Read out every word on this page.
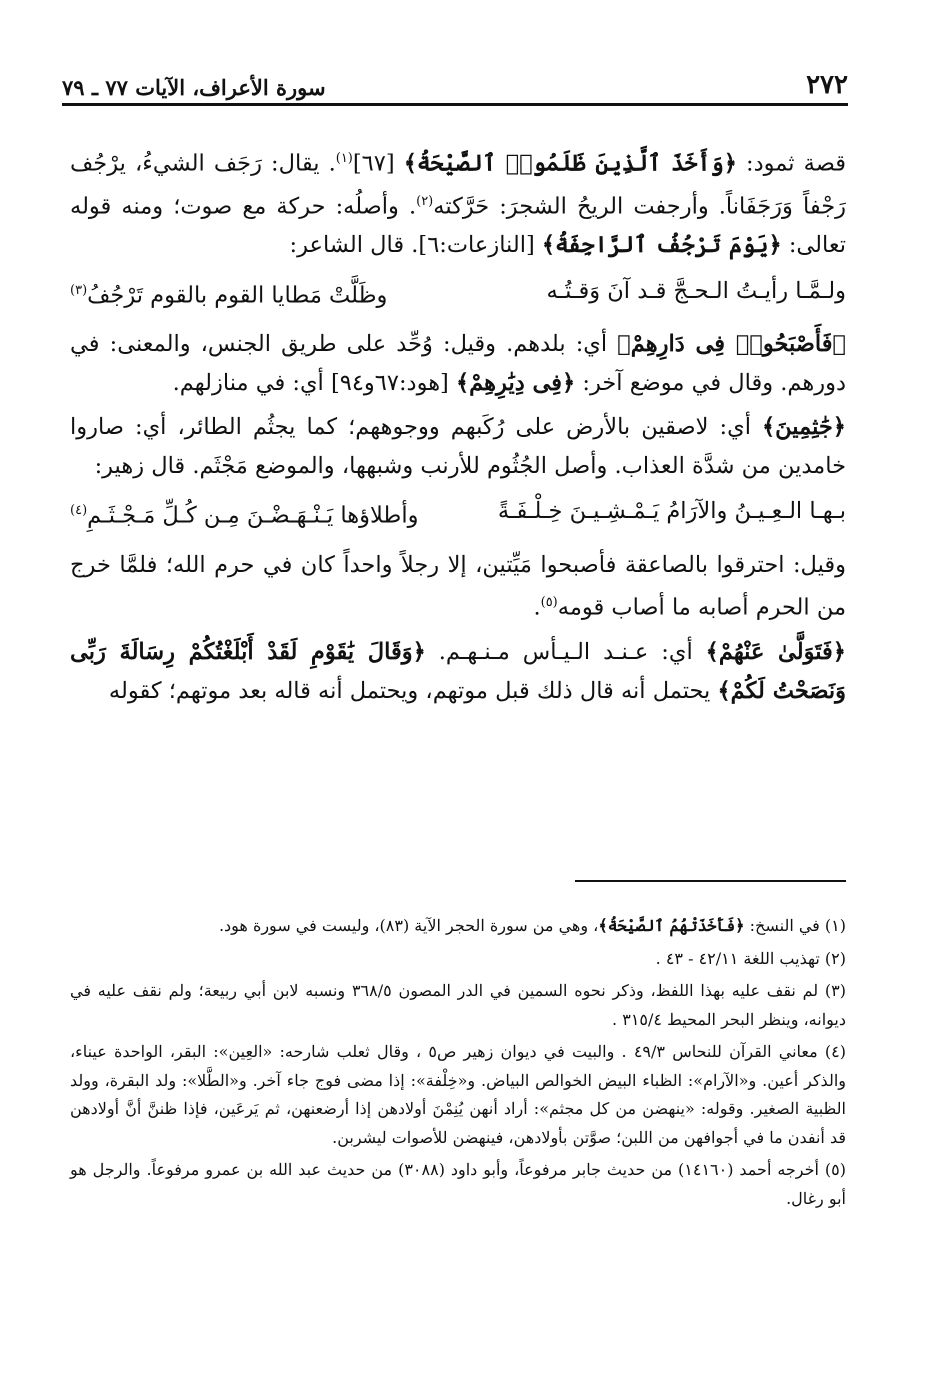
٢٧٢
سورة الأعراف، الآيات ٧٧ ـ ٧٩

قصة ثمود: ﴿وَأَخَذَ ٱلَّذِينَ ظَلَمُوا۟ ٱلصَّيْحَةُ﴾ [٦٧]$^{(١)}$. يقال: رَجَف الشيءُ، يرْجُف رَجْفاً وَرَجَفَاناً. وأرجفت الريحُ الشجرَ: حَرَّكته$^{(٢)}$. وأصلُه: حركة مع صوت؛ ومنه قوله تعالى: ﴿يَوْمَ تَرْجُفُ ٱلرَّاجِفَةُ﴾ [النازعات:٦]. قال الشاعر:

ولـمَّـا رأيـتُ الـحـجَّ قـد آنَ وَقـتُـه
وظَلَّتْ مَطايا القوم بالقوم تَرْجُفُ$^{(٣)}$

﴿فَأَصْبَحُوا۟ فِى دَارِهِمْ﴾ أي: بلدهم. وقيل: وُحِّد على طريق الجنس، والمعنى: في دورهم. وقال في موضع آخر: ﴿فِى دِيَٰرِهِمْ﴾ [هود:٦٧و٩٤] أي: في منازلهم.

﴿جَٰثِمِينَ﴾ أي: لاصقين بالأرض على رُكَبهم ووجوههم؛ كما يجثُم الطائر، أي: صاروا خامدين من شدَّة العذاب. وأصل الجُثُوم للأرنب وشبهها، والموضع مَجْثَم. قال زهير:

بـهـا الـعِـيـنُ والآرَامُ يَـمْـشِـيـنَ خِـلْـفَـةً
وأطلاؤها يَـنْـهَـضْـنَ مِـن كُـلِّ مَـجْـثَـمِ$^{(٤)}$

وقيل: احترقوا بالصاعقة فأصبحوا مَيِّتين، إلا رجلاً واحداً كان في حرم الله؛ فلمَّا خرج من الحرم أصابه ما أصاب قومه$^{(٥)}$.

﴿فَتَوَلَّىٰ عَنْهُمْ﴾ أي: عـنـد الـيـأس مـنـهـم. ﴿وَقَالَ يَٰقَوْمِ لَقَدْ أَبْلَغْتُكُمْ رِسَالَةَ رَبِّى وَنَصَحْتُ لَكُمْ﴾ يحتمل أنه قال ذلك قبل موتهم، ويحتمل أنه قاله بعد موتهم؛ كقوله

(١) في النسخ: ﴿فَأَخَذَتْهُمُ ٱلصَّيْحَةُ﴾، وهي من سورة الحجر الآية (٨٣)، وليست في سورة هود.

(٢) تهذيب اللغة ٤٢/١١ - ٤٣ .

(٣) لم نقف عليه بهذا اللفظ، وذكر نحوه السمين في الدر المصون ٣٦٨/٥ ونسبه لابن أبي ربيعة؛ ولم نقف عليه في ديوانه، وينظر البحر المحيط ٣١٥/٤ .

(٤) معاني القرآن للنحاس ٤٩/٣ . والبيت في ديوان زهير ص٥ ، وقال ثعلب شارحه: «العِين»: البقر، الواحدة عيناء، والذكر أعين. و«الآرام»: الظباء البيض الخوالص البياض. و«خِلْفة»: إذا مضى فوج جاء آخر. و«الطَّلا»: ولد البقرة، وولد الظبية الصغير. وقوله: «ينهضن من كل مجثم»: أراد أنهن يُنِمْنَ أولادهن إذا أرضعنهن، ثم يَرعَين، فإذا ظننَّ أنَّ أولادهن قد أنفدن ما في أجوافهن من اللبن؛ صوَّتن بأولادهن، فينهضن للأصوات ليشربن.

(٥) أخرجه أحمد (١٤١٦٠) من حديث جابر مرفوعاً، وأبو داود (٣٠٨٨) من حديث عبد الله بن عمرو مرفوعاً. والرجل هو أبو رغال.
